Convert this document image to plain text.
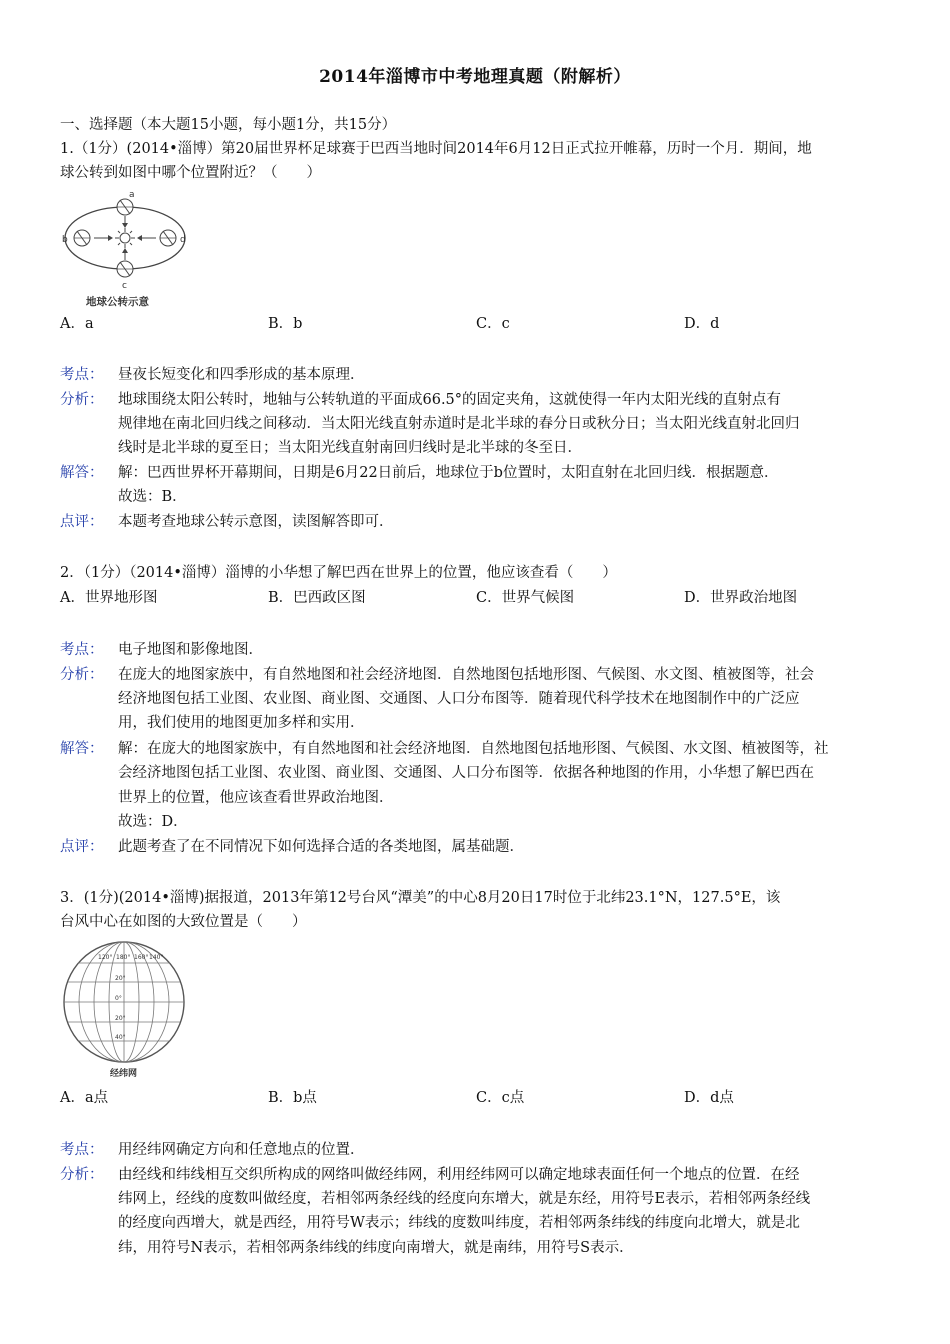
2014年淄博市中考地理真题（附解析）
一、选择题（本大题15小题，每小题1分，共15分）
1.（1分）(2014•淄博）第20届世界杯足球赛于巴西当地时间2014年6月12日正式拉开帷幕，历时一个月．期间，地
球公转到如图中哪个位置附近？（　　）
a
b
c
d
地球公转示意
A．a	B．b	C．c	D．d
考点： 昼夜长短变化和四季形成的基本原理．
分析： 地球围绕太阳公转时，地轴与公转轨道的平面成66.5°的固定夹角，这就使得一年内太阳光线的直射点有
规律地在南北回归线之间移动．当太阳光线直射赤道时是北半球的春分日或秋分日；当太阳光线直射北回归
线时是北半球的夏至日；当太阳光线直射南回归线时是北半球的冬至日．
解答： 解：巴西世界杯开幕期间，日期是6月22日前后，地球位于b位置时，太阳直射在北回归线．根据题意．
故选：B．
点评： 本题考查地球公转示意图，读图解答即可．
2．（1分）（2014•淄博）淄博的小华想了解巴西在世界上的位置，他应该查看（　　）
A．世界地形图	B．巴西政区图	C．世界气候图	D．世界政治地图
考点： 电子地图和影像地图．
分析： 在庞大的地图家族中，有自然地图和社会经济地图．自然地图包括地形图、气候图、水文图、植被图等，社会
经济地图包括工业图、农业图、商业图、交通图、人口分布图等．随着现代科学技术在地图制作中的广泛应
用，我们使用的地图更加多样和实用．
解答： 解：在庞大的地图家族中，有自然地图和社会经济地图．自然地图包括地形图、气候图、水文图、植被图等，社
会经济地图包括工业图、农业图、商业图、交通图、人口分布图等．依据各种地图的作用，小华想了解巴西在
世界上的位置，他应该查看世界政治地图．
故选：D．
点评： 此题考查了在不同情况下如何选择合适的各类地图，属基础题．
3．(1分)(2014•淄博)据报道，2013年第12号台风“潭美”的中心8月20日17时位于北纬23.1°N，127.5°E，该
台风中心在如图的大致位置是（　　）
180° 160° 140°
120°
20°
0°
20°
40°
经纬网
A．a点	B．b点	C．c点	D．d点
考点： 用经纬网确定方向和任意地点的位置．
分析： 由经线和纬线相互交织所构成的网络叫做经纬网，利用经纬网可以确定地球表面任何一个地点的位置．在经
纬网上，经线的度数叫做经度，若相邻两条经线的经度向东增大，就是东经，用符号E表示，若相邻两条经线
的经度向西增大，就是西经，用符号W表示；纬线的度数叫纬度，若相邻两条纬线的纬度向北增大，就是北
纬，用符号N表示，若相邻两条纬线的纬度向南增大，就是南纬，用符号S表示．
